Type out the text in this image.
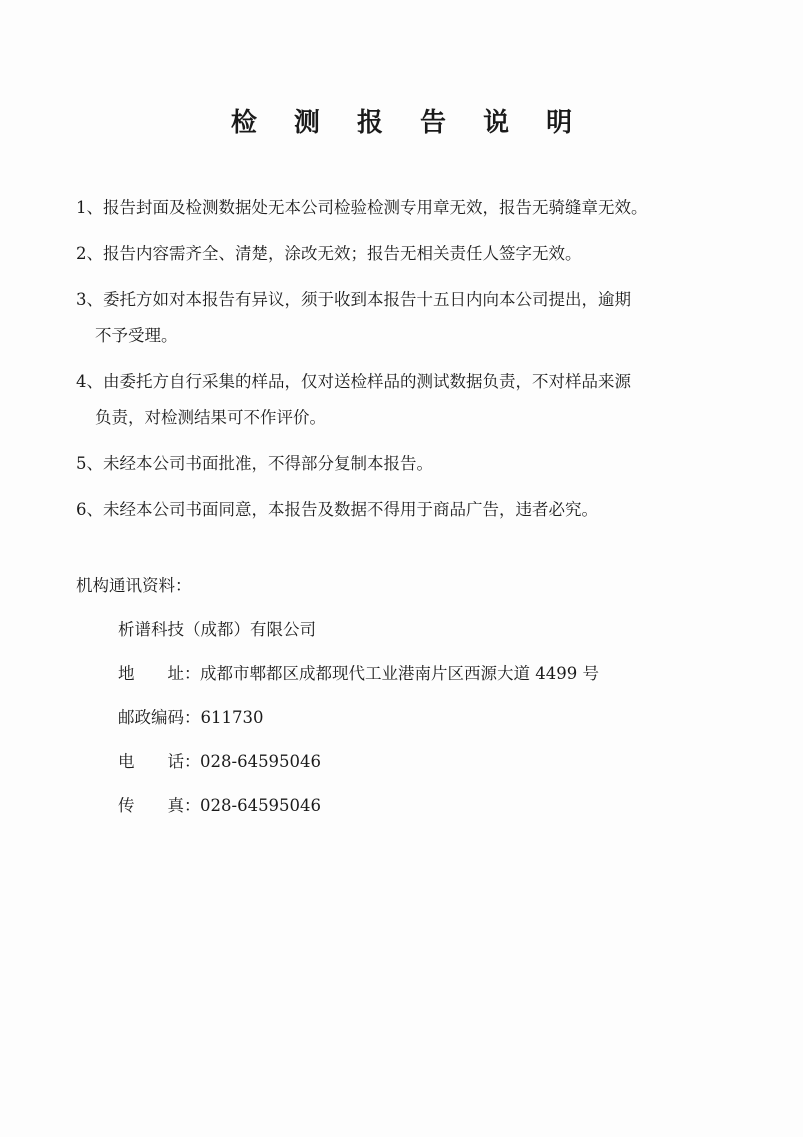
检 测 报 告 说 明
1、报告封面及检测数据处无本公司检验检测专用章无效，报告无骑缝章无效。
2、报告内容需齐全、清楚，涂改无效；报告无相关责任人签字无效。
3、委托方如对本报告有异议，须于收到本报告十五日内向本公司提出，逾期
不予受理。
4、由委托方自行采集的样品，仅对送检样品的测试数据负责，不对样品来源
负责，对检测结果可不作评价。
5、未经本公司书面批准，不得部分复制本报告。
6、未经本公司书面同意，本报告及数据不得用于商品广告，违者必究。
机构通讯资料：
析谱科技（成都）有限公司
地　　址：成都市郫都区成都现代工业港南片区西源大道 4499 号
邮政编码：611730
电　　话：028-64595046
传　　真：028-64595046
